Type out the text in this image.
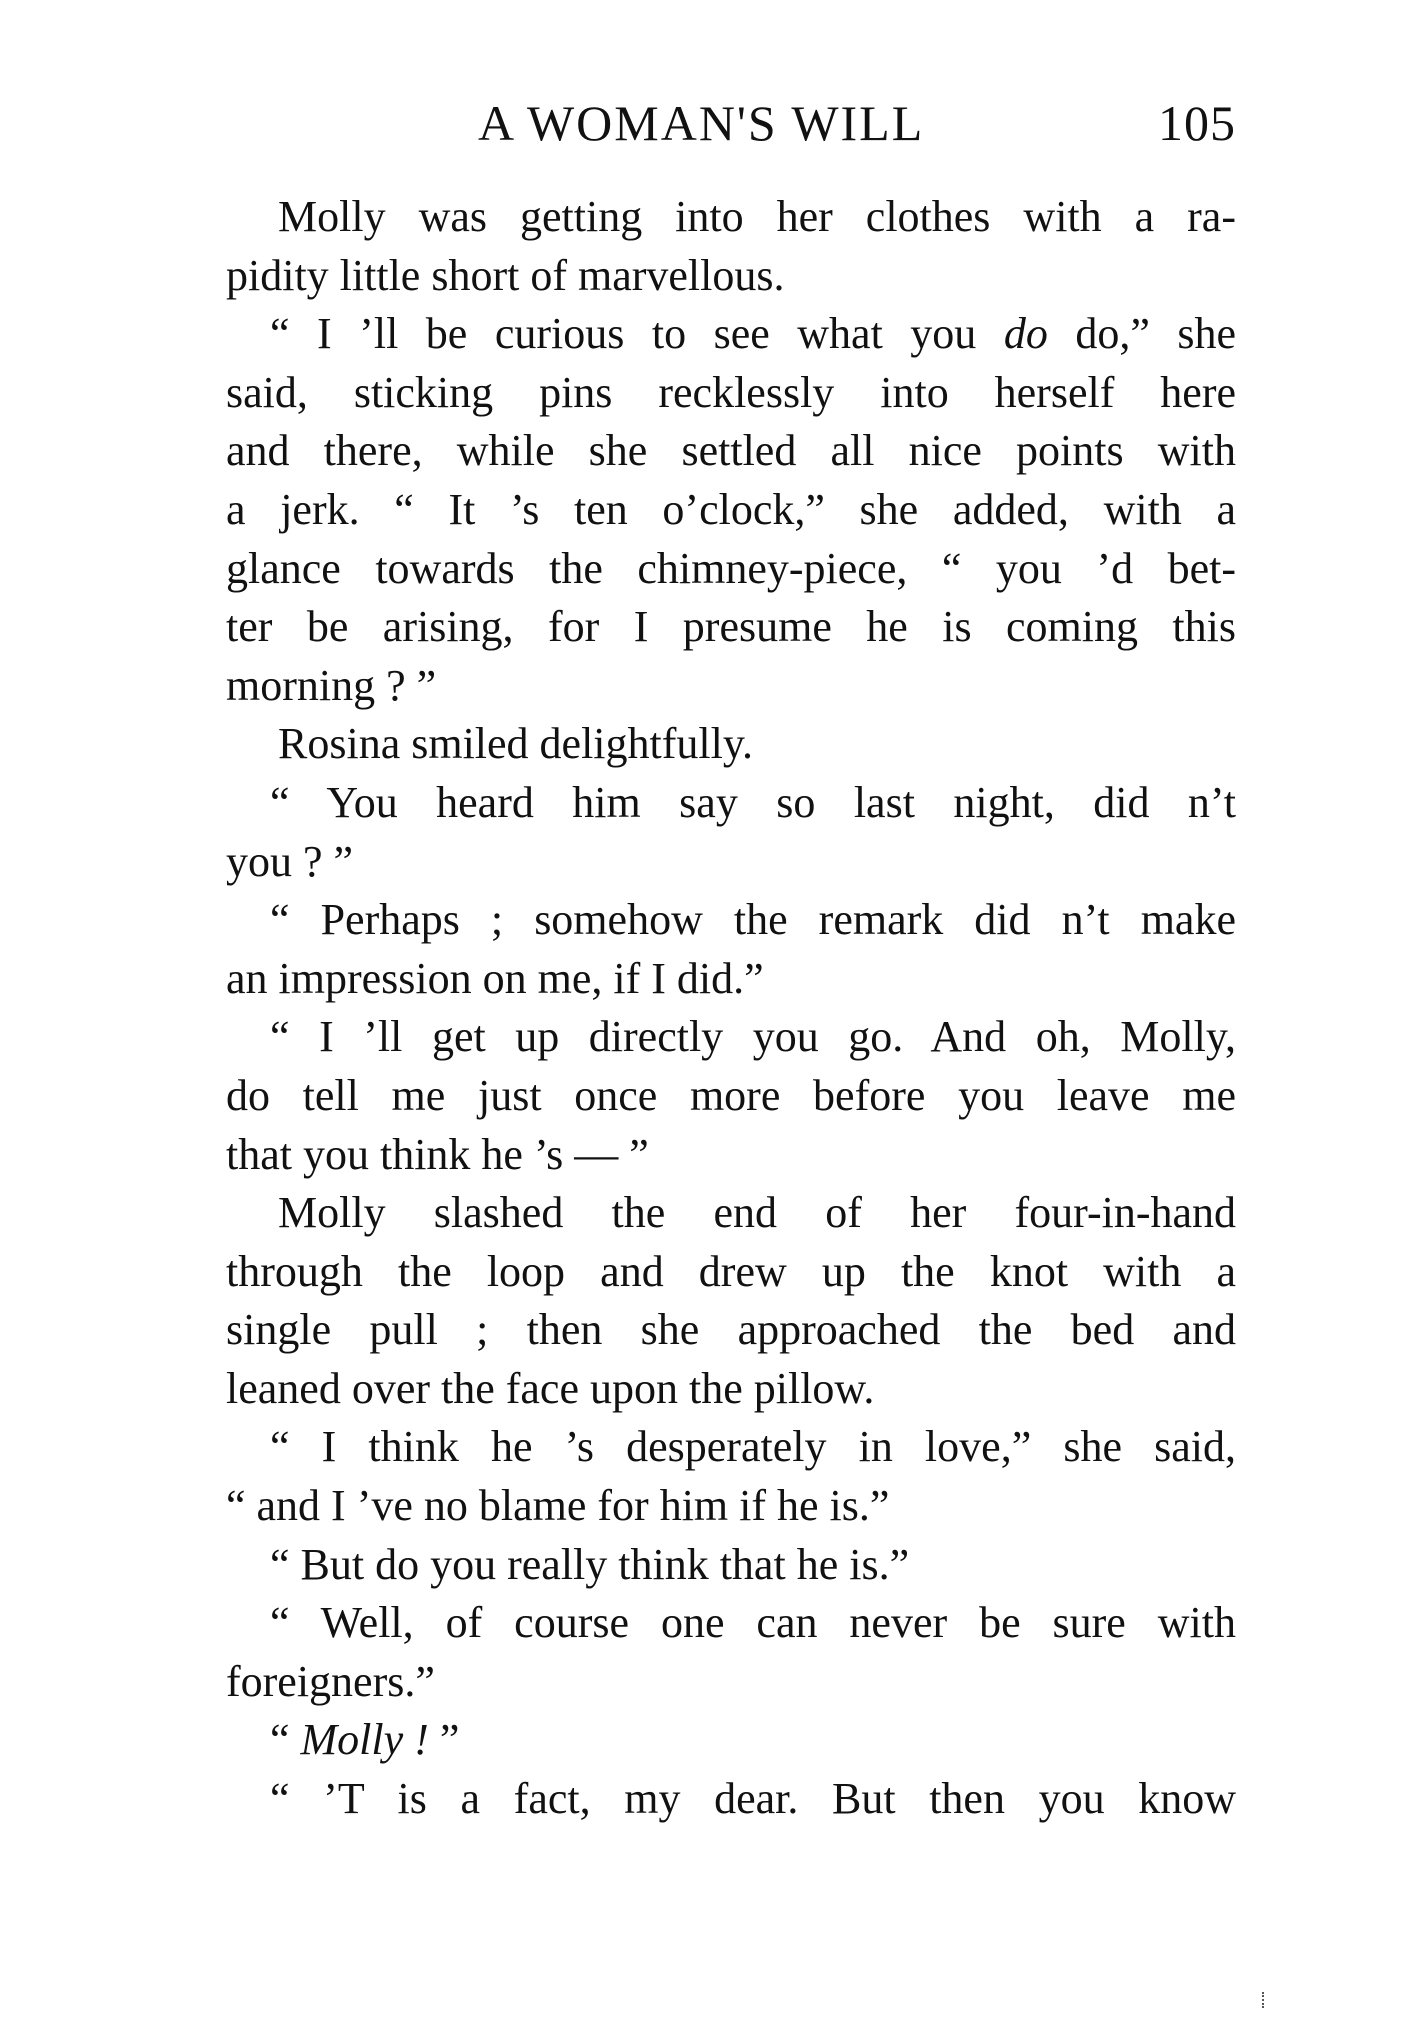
A WOMAN'S WILL	105
Molly was getting into her clothes with a ra-
pidity little short of marvellous.
“ I ’ll be curious to see what you do do,” she
said, sticking pins recklessly into herself here
and there, while she settled all nice points with
a jerk. “ It ’s ten o’clock,” she added, with a
glance towards the chimney-piece, “ you ’d bet-
ter be arising, for I presume he is coming this
morning ? ”
Rosina smiled delightfully.
“ You heard him say so last night, did n’t
you ? ”
“ Perhaps ; somehow the remark did n’t make
an impression on me, if I did.”
“ I ’ll get up directly you go. And oh, Molly,
do tell me just once more before you leave me
that you think he ’s — ”
Molly slashed the end of her four-in-hand
through the loop and drew up the knot with a
single pull ; then she approached the bed and
leaned over the face upon the pillow.
“ I think he ’s desperately in love,” she said,
“ and I ’ve no blame for him if he is.”
“ But do you really think that he is.”
“ Well, of course one can never be sure with
foreigners.”
“ Molly ! ”
“ ’T is a fact, my dear. But then you know
